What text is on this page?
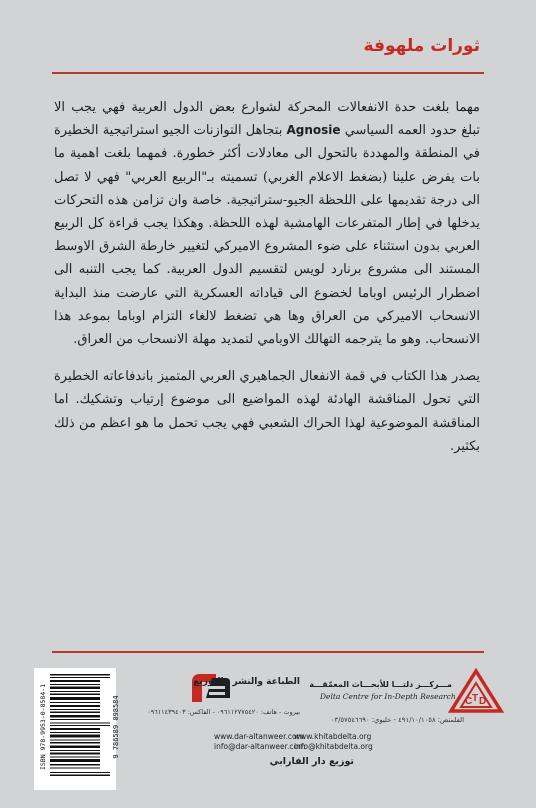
ثورات ملهوفة

مهما بلغت حدة الانفعالات المحركة لشوارع بعض الدول العربية فهي يجب الا تبلغ حدود العمه السياسي Agnosie بتجاهل التوازنات الجيو استراتيجية الخطيرة في المنطقة والمهددة بالتحول الى معادلات أكثر خطورة. فمهما بلغت اهمية ما بات يفرض علينا (بضغط الاعلام الغربي) تسميته بـ"الربيع العربي" فهي لا تصل الى درجة تقديمها على اللحظة الجيو-ستراتيجية. خاصة وان تزامن هذه التحركات يدخلها في إطار المتفرعات الهامشية لهذه اللحظة. وهكذا يجب قراءة كل الربيع العربي بدون استثناء على ضوء المشروع الاميركي لتغيير خارطة الشرق الاوسط المستند الى مشروع برنارد لويس لتقسيم الدول العربية. كما يجب التنبه الى اضطرار الرئيس اوباما لخضوع الى قياداته العسكرية التي عارضت منذ البداية الانسحاب الاميركي من العراق وها هي تضغط لالغاء التزام اوباما بموعد هذا الانسحاب. وهو ما يترجمه التهالك الاوبامي لتمديد مهلة الانسحاب من العراق.

يصدر هذا الكتاب في قمة الانفعال الجماهيري العربي المتميز باندفاعاته الخطيرة التي تحول المناقشة الهادئة لهذه المواضيع الى موضوع إرتياب وتشكيك. اما المناقشة الموضوعية لهذا الحراك الشعبي فهي يجب تحمل ما هو اعظم من ذلك بكثير.

ISBN 978-9953-0-8584-1	9 786589 098584
الطباعة والنشر والتوزيع
بيروت - هاتف: ٠٩٦١١٢٧٧٥٤٢٠ - الفاكس: ٠٩٦١١٤٣٩٤٠٣
www.dar-altanweer.com
info@dar-altanweer.com
توزيع دار الفارابي
C T D
مـــركـــز دلتـــا للأبحـــاث المعمّقـــة
Delta Centre for In-Depth Research
الفلمنص: ٤٩١/١٠/١٠٥٨ - خليوي: ٠٣/٥٧٥٤٦٦٩٠
www.khitabdelta.org
info@khitabdelta.org
